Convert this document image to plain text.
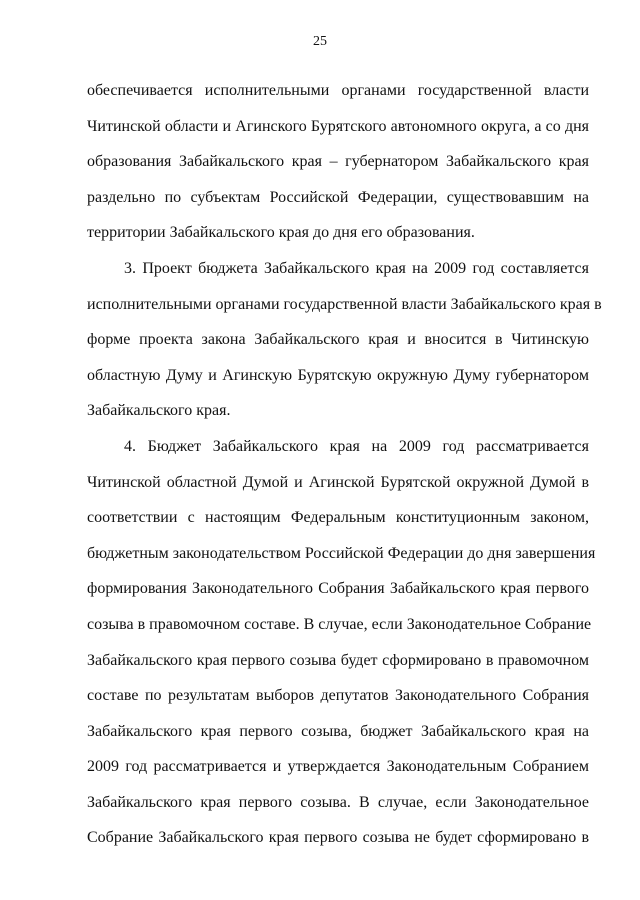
25
обеспечивается исполнительными органами государственной власти
Читинской области и Агинского Бурятского автономного округа, а со дня
образования Забайкальского края – губернатором Забайкальского края
раздельно по субъектам Российской Федерации, существовавшим на
территории Забайкальского края до дня его образования.
3. Проект бюджета Забайкальского края на 2009 год составляется
исполнительными органами государственной власти Забайкальского края в
форме проекта закона Забайкальского края и вносится в Читинскую
областную Думу и Агинскую Бурятскую окружную Думу губернатором
Забайкальского края.
4. Бюджет Забайкальского края на 2009 год рассматривается
Читинской областной Думой и Агинской Бурятской окружной Думой в
соответствии с настоящим Федеральным конституционным законом,
бюджетным законодательством Российской Федерации до дня завершения
формирования Законодательного Собрания Забайкальского края первого
созыва в правомочном составе. В случае, если Законодательное Собрание
Забайкальского края первого созыва будет сформировано в правомочном
составе по результатам выборов депутатов Законодательного Собрания
Забайкальского края первого созыва, бюджет Забайкальского края на
2009 год рассматривается и утверждается Законодательным Собранием
Забайкальского края первого созыва. В случае, если Законодательное
Собрание Забайкальского края первого созыва не будет сформировано в
